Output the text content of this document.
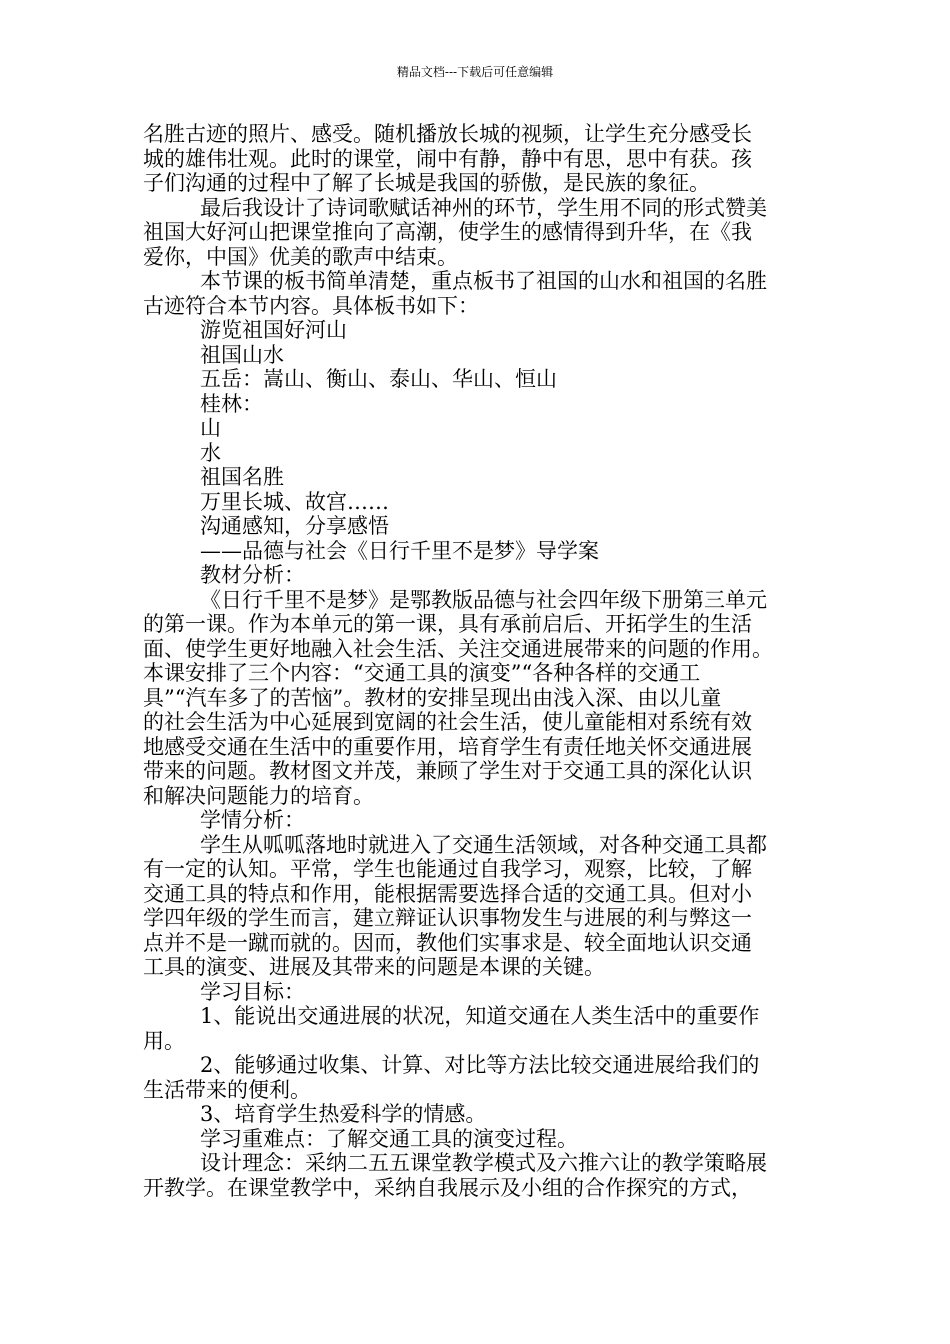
精品文档---下载后可任意编辑
名胜古迹的照片、感受。随机播放长城的视频，让学生充分感受长
城的雄伟壮观。此时的课堂，闹中有静，静中有思，思中有获。孩
子们沟通的过程中了解了长城是我国的骄傲，是民族的象征。
最后我设计了诗词歌赋话神州的环节，学生用不同的形式赞美
祖国大好河山把课堂推向了高潮，使学生的感情得到升华，在《我
爱你，中国》优美的歌声中结束。
本节课的板书简单清楚，重点板书了祖国的山水和祖国的名胜
古迹符合本节内容。具体板书如下：
游览祖国好河山
祖国山水
五岳：嵩山、衡山、泰山、华山、恒山
桂林：
山
水
祖国名胜
万里长城、故宫……
沟通感知，分享感悟
——品德与社会《日行千里不是梦》导学案
教材分析：
《日行千里不是梦》是鄂教版品德与社会四年级下册第三单元
的第一课。作为本单元的第一课，具有承前启后、开拓学生的生活
面、使学生更好地融入社会生活、关注交通进展带来的问题的作用。
本课安排了三个内容：“交通工具的演变”“各种各样的交通工
具”“汽车多了的苦恼”。教材的安排呈现出由浅入深、由以儿童
的社会生活为中心延展到宽阔的社会生活，使儿童能相对系统有效
地感受交通在生活中的重要作用，培育学生有责任地关怀交通进展
带来的问题。教材图文并茂，兼顾了学生对于交通工具的深化认识
和解决问题能力的培育。
学情分析：
学生从呱呱落地时就进入了交通生活领域，对各种交通工具都
有一定的认知。平常，学生也能通过自我学习，观察，比较，了解
交通工具的特点和作用，能根据需要选择合适的交通工具。但对小
学四年级的学生而言，建立辩证认识事物发生与进展的利与弊这一
点并不是一蹴而就的。因而，教他们实事求是、较全面地认识交通
工具的演变、进展及其带来的问题是本课的关键。
学习目标：
1、能说出交通进展的状况，知道交通在人类生活中的重要作
用。
2、能够通过收集、计算、对比等方法比较交通进展给我们的
生活带来的便利。
3、培育学生热爱科学的情感。
学习重难点：了解交通工具的演变过程。
设计理念：采纳二五五课堂教学模式及六推六让的教学策略展
开教学。在课堂教学中，采纳自我展示及小组的合作探究的方式，
